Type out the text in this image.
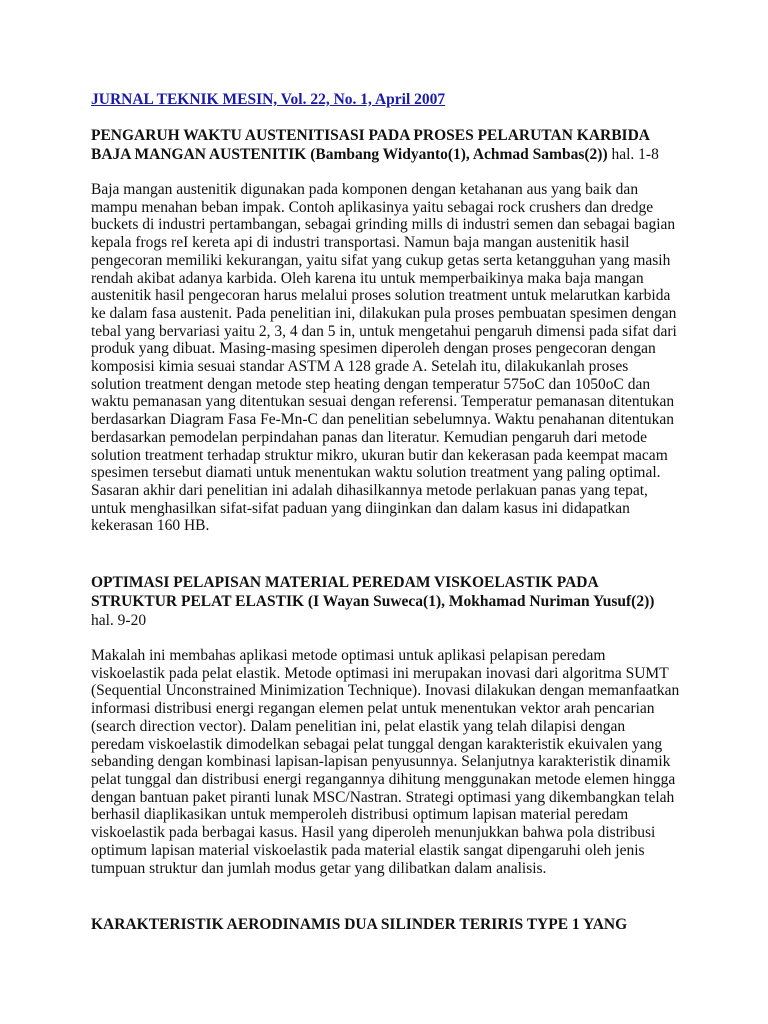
JURNAL TEKNIK MESIN, Vol. 22, No. 1, April 2007

PENGARUH WAKTU AUSTENITISASI PADA PROSES PELARUTAN KARBIDA BAJA MANGAN AUSTENITIK (Bambang Widyanto(1), Achmad Sambas(2)) hal. 1-8

Baja mangan austenitik digunakan pada komponen dengan ketahanan aus yang baik dan mampu menahan beban impak. Contoh aplikasinya yaitu sebagai rock crushers dan dredge buckets di industri pertambangan, sebagai grinding mills di industri semen dan sebagai bagian kepala frogs reI kereta api di industri transportasi. Namun baja mangan austenitik hasil pengecoran memiliki kekurangan, yaitu sifat yang cukup getas serta ketangguhan yang masih rendah akibat adanya karbida. Oleh karena itu untuk memperbaikinya maka baja mangan austenitik hasil pengecoran harus melalui proses solution treatment untuk melarutkan karbida ke dalam fasa austenit. Pada penelitian ini, dilakukan pula proses pembuatan spesimen dengan tebal yang bervariasi yaitu 2, 3, 4 dan 5 in, untuk mengetahui pengaruh dimensi pada sifat dari produk yang dibuat. Masing-masing spesimen diperoleh dengan proses pengecoran dengan komposisi kimia sesuai standar ASTM A 128 grade A. Setelah itu, dilakukanlah proses solution treatment dengan metode step heating dengan temperatur 575oC dan 1050oC dan waktu pemanasan yang ditentukan sesuai dengan referensi. Temperatur pemanasan ditentukan berdasarkan Diagram Fasa Fe-Mn-C dan penelitian sebelumnya. Waktu penahanan ditentukan berdasarkan pemodelan perpindahan panas dan literatur. Kemudian pengaruh dari metode solution treatment terhadap struktur mikro, ukuran butir dan kekerasan pada keempat macam spesimen tersebut diamati untuk menentukan waktu solution treatment yang paling optimal. Sasaran akhir dari penelitian ini adalah dihasilkannya metode perlakuan panas yang tepat, untuk menghasilkan sifat-sifat paduan yang diinginkan dan dalam kasus ini didapatkan kekerasan 160 HB.

OPTIMASI PELAPISAN MATERIAL PEREDAM VISKOELASTIK PADA STRUKTUR PELAT ELASTIK (I Wayan Suweca(1), Mokhamad Nuriman Yusuf(2)) hal. 9-20

Makalah ini membahas aplikasi metode optimasi untuk aplikasi pelapisan peredam viskoelastik pada pelat elastik. Metode optimasi ini merupakan inovasi dari algoritma SUMT (Sequential Unconstrained Minimization Technique). Inovasi dilakukan dengan memanfaatkan informasi distribusi energi regangan elemen pelat untuk menentukan vektor arah pencarian (search direction vector). Dalam penelitian ini, pelat elastik yang telah dilapisi dengan peredam viskoelastik dimodelkan sebagai pelat tunggal dengan karakteristik ekuivalen yang sebanding dengan kombinasi lapisan-lapisan penyusunnya. Selanjutnya karakteristik dinamik pelat tunggal dan distribusi energi regangannya dihitung menggunakan metode elemen hingga dengan bantuan paket piranti lunak MSC/Nastran. Strategi optimasi yang dikembangkan telah berhasil diaplikasikan untuk memperoleh distribusi optimum lapisan material peredam viskoelastik pada berbagai kasus. Hasil yang diperoleh menunjukkan bahwa pola distribusi optimum lapisan material viskoelastik pada material elastik sangat dipengaruhi oleh jenis tumpuan struktur dan jumlah modus getar yang dilibatkan dalam analisis.

KARAKTERISTIK AERODINAMIS DUA SILINDER TERIRIS TYPE 1 YANG
